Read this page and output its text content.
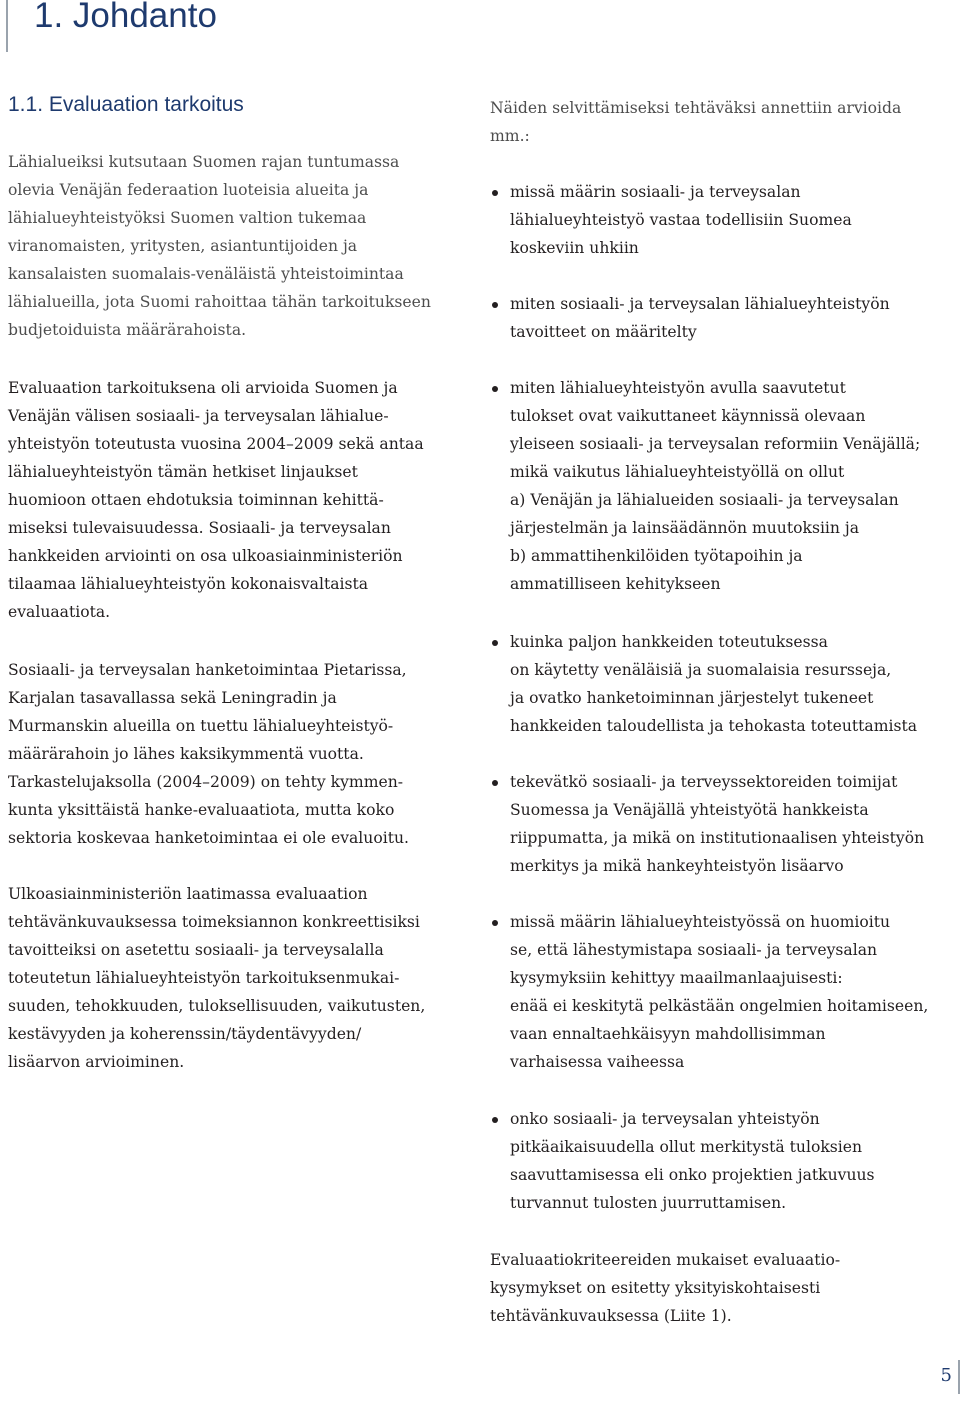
1. Johdanto
1.1. Evaluaation tarkoitus

Lähialueiksi kutsutaan Suomen rajan tuntumassa

olevia Venäjän federaation luoteisia alueita ja

lähialueyhteistyöksi Suomen valtion tukemaa

viranomaisten, yritysten, asiantuntijoiden ja

kansalaisten suomalais-venäläistä yhteistoimintaa

lähialueilla, jota Suomi rahoittaa tähän tarkoitukseen

budjetoiduista määrärahoista.

Evaluaation tarkoituksena oli arvioida Suomen ja

Venäjän välisen sosiaali- ja terveysalan lähialue-

yhteistyön toteutusta vuosina 2004–2009 sekä antaa

lähialueyhteistyön tämän hetkiset linjaukset

huomioon ottaen ehdotuksia toiminnan kehittä-

miseksi tulevaisuudessa. Sosiaali- ja terveysalan

hankkeiden arviointi on osa ulkoasiainministeriön

tilaamaa lähialueyhteistyön kokonaisvaltaista

evaluaatiota.

Sosiaali- ja terveysalan hanketoimintaa Pietarissa,

Karjalan tasavallassa sekä Leningradin ja

Murmanskin alueilla on tuettu lähialueyhteistyö-

määrärahoin jo lähes kaksikymmentä vuotta.

Tarkastelujaksolla (2004–2009) on tehty kymmen-

kunta yksittäistä hanke-evaluaatiota, mutta koko

sektoria koskevaa hanketoimintaa ei ole evaluoitu.

Ulkoasiainministeriön laatimassa evaluaation

tehtävänkuvauksessa toimeksiannon konkreettisiksi

tavoitteiksi on asetettu sosiaali- ja terveysalalla

toteutetun lähialueyhteistyön tarkoituksenmukai-

suuden, tehokkuuden, tuloksellisuuden, vaikutusten,

kestävyyden ja koherenssin/täydentävyyden/

lisäarvon arvioiminen.

Näiden selvittämiseksi tehtäväksi annettiin arvioida

mm.:

missä määrin sosiaali- ja terveysalan

lähialueyhteistyö vastaa todellisiin Suomea

koskeviin uhkiin

miten sosiaali- ja terveysalan lähialueyhteistyön

tavoitteet on määritelty

miten lähialueyhteistyön avulla saavutetut

tulokset ovat vaikuttaneet käynnissä olevaan

yleiseen sosiaali- ja terveysalan reformiin Venäjällä;

mikä vaikutus lähialueyhteistyöllä on ollut

a) Venäjän ja lähialueiden sosiaali- ja terveysalan

järjestelmän ja lainsäädännön muutoksiin ja

b) ammattihenkilöiden työtapoihin ja

ammatilliseen kehitykseen

kuinka paljon hankkeiden toteutuksessa

on käytetty venäläisiä ja suomalaisia resursseja,

ja ovatko hanketoiminnan järjestelyt tukeneet

hankkeiden taloudellista ja tehokasta toteuttamista

tekevätkö sosiaali- ja terveyssektoreiden toimijat

Suomessa ja Venäjällä yhteistyötä hankkeista

riippumatta, ja mikä on institutionaalisen yhteistyön

merkitys ja mikä hankeyhteistyön lisäarvo

missä määrin lähialueyhteistyössä on huomioitu

se, että lähestymistapa sosiaali- ja terveysalan

kysymyksiin kehittyy maailmanlaajuisesti:

enää ei keskitytä pelkästään ongelmien hoitamiseen,

vaan ennaltaehkäisyyn mahdollisimman

varhaisessa vaiheessa

onko sosiaali- ja terveysalan yhteistyön

pitkäaikaisuudella ollut merkitystä tuloksien

saavuttamisessa eli onko projektien jatkuvuus

turvannut tulosten juurruttamisen.

Evaluaatiokriteereiden mukaiset evaluaatio-

kysymykset on esitetty yksityiskohtaisesti

tehtävänkuvauksessa (Liite 1).

5
